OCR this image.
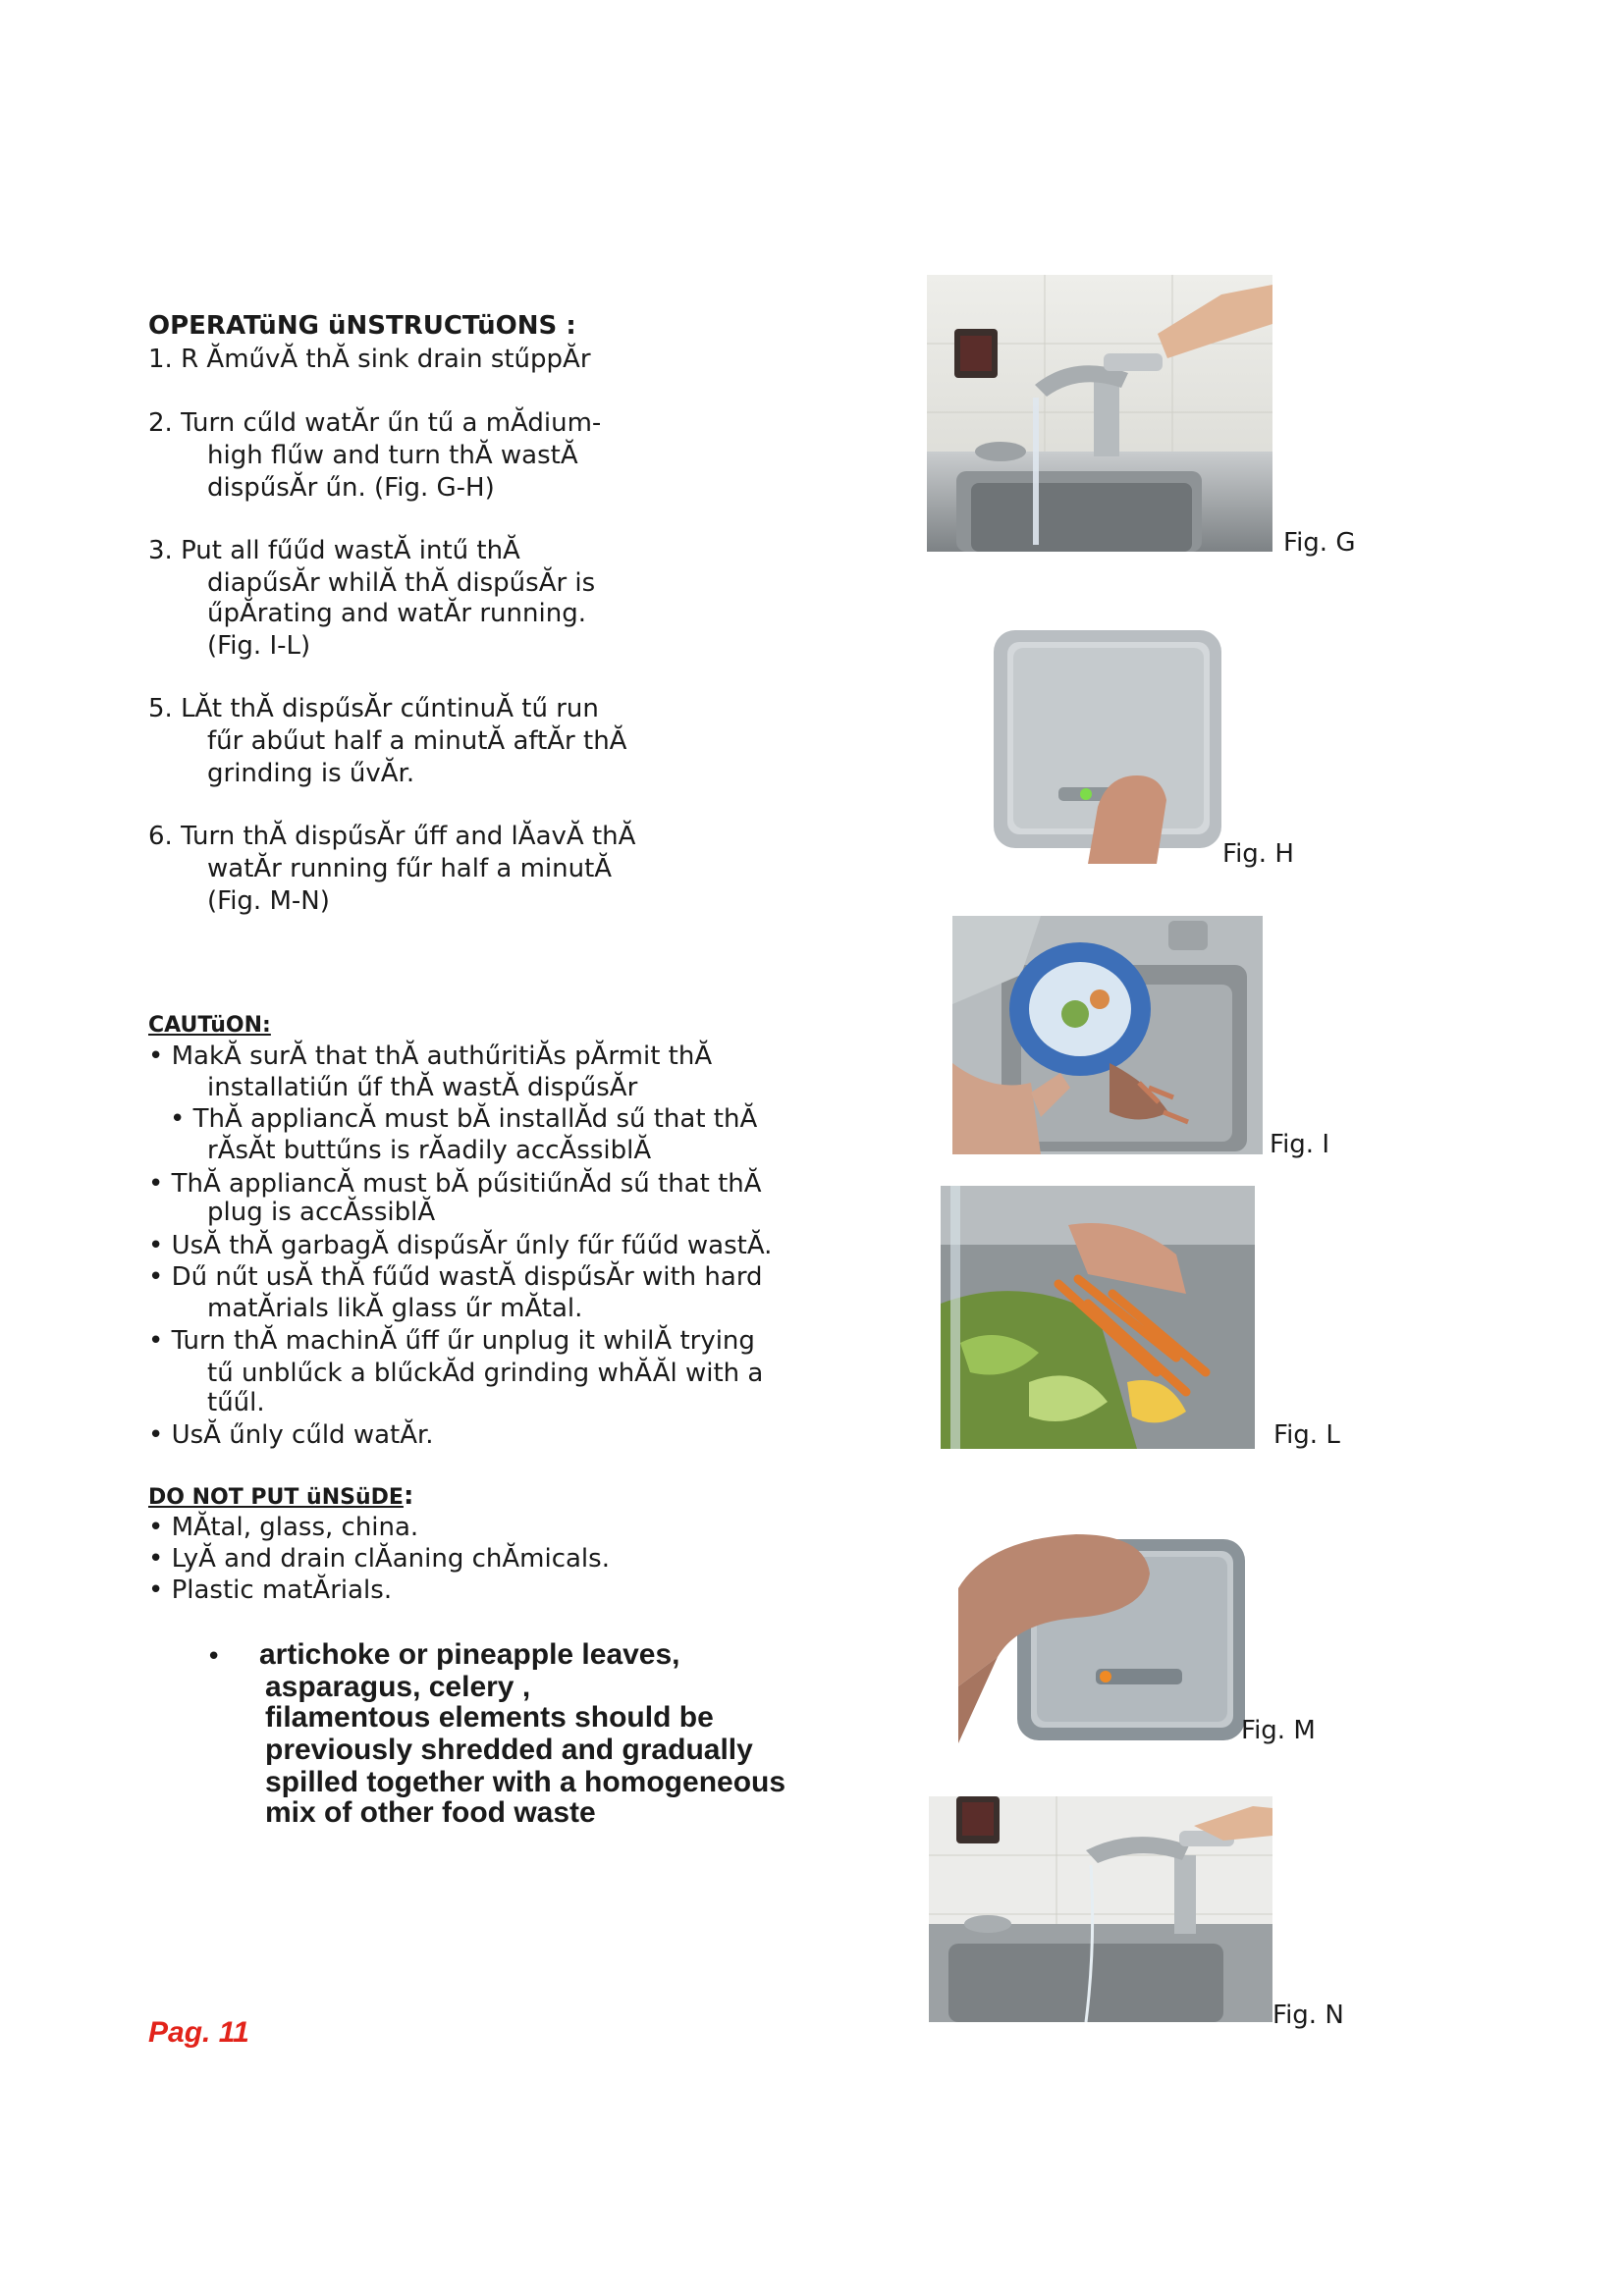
OPERATüNG üNSTRUCTüONS :
1. R ĂművĂ thĂ sink drain stűppĂr
2. Turn cűld watĂr űn tű a mĂdium-
high flűw and turn thĂ wastĂ
dispűsĂr űn. (Fig. G-H)
3. Put all fűűd wastĂ intű thĂ
diapűsĂr whilĂ thĂ dispűsĂr is
űpĂrating and watĂr running.
(Fig. I-L)
5. LĂt thĂ dispűsĂr cűntinuĂ tű run
fűr abűut half a minutĂ aftĂr thĂ
grinding is űvĂr.
6. Turn thĂ dispűsĂr űff and lĂavĂ thĂ
watĂr running fűr half a minutĂ
(Fig. M-N)
CAUTüON:
• MakĂ surĂ that thĂ authűritiĂs pĂrmit thĂ
installatiűn űf thĂ wastĂ dispűsĂr
• ThĂ appliancĂ must bĂ installĂd sű that thĂ
rĂsĂt buttűns is rĂadily accĂssiblĂ
• ThĂ appliancĂ must bĂ pűsitiűnĂd sű that thĂ
plug is accĂssiblĂ
• UsĂ thĂ garbagĂ dispűsĂr űnly fűr fűűd wastĂ.
• Dű nűt usĂ thĂ fűűd wastĂ dispűsĂr with hard
matĂrials likĂ glass űr mĂtal.
• Turn thĂ machinĂ űff űr unplug it whilĂ trying
tű unblűck a blűckĂd grinding whĂĂl with a
tűűl.
• UsĂ űnly cűld watĂr.
DO NOT PUT üNSüDE:
• MĂtal, glass, china.
• LyĂ and drain clĂaning chĂmicals.
• Plastic matĂrials.
• artichoke or pineapple leaves,
asparagus, celery ,
filamentous elements should be
previously shredded and gradually
spilled together with a homogeneous
mix of other food waste
Pag. 11
Fig. G
Fig. H
Fig. I
Fig. L
Fig. M
Fig. N
